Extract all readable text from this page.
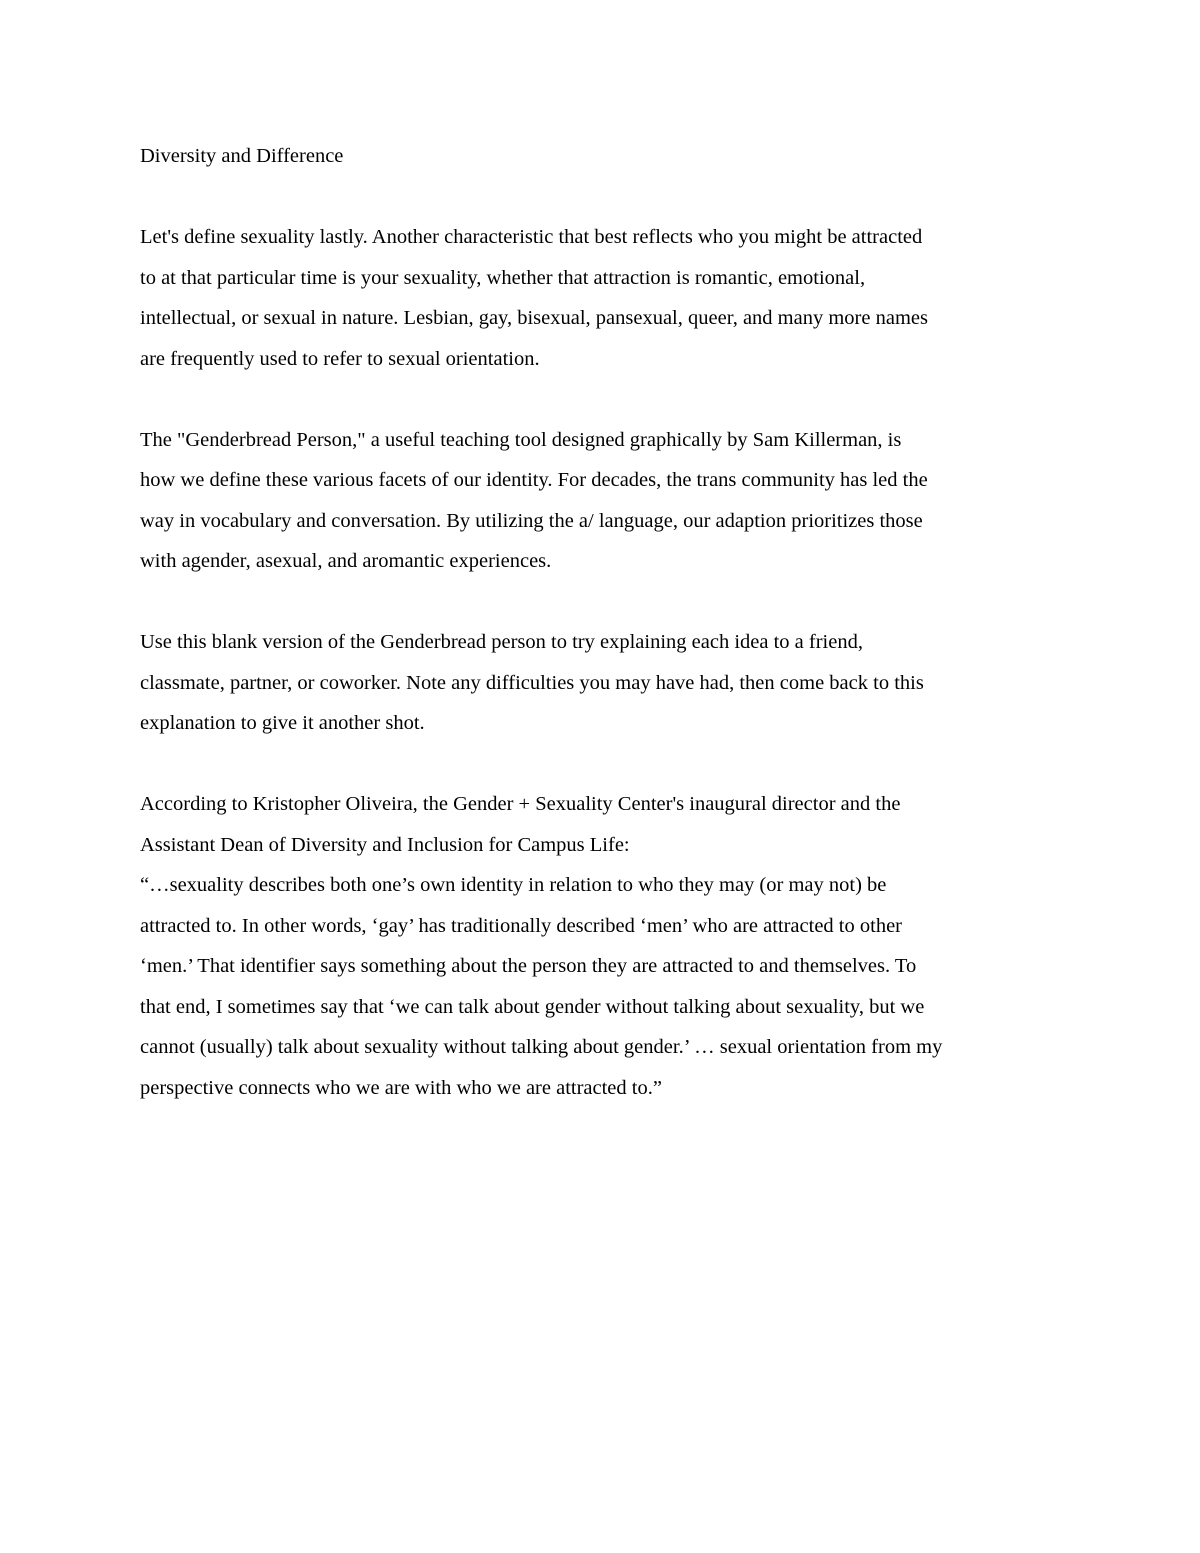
Diversity and Difference

Let's define sexuality lastly. Another characteristic that best reflects who you might be attracted
to at that particular time is your sexuality, whether that attraction is romantic, emotional,
intellectual, or sexual in nature. Lesbian, gay, bisexual, pansexual, queer, and many more names
are frequently used to refer to sexual orientation.

The "Genderbread Person," a useful teaching tool designed graphically by Sam Killerman, is
how we define these various facets of our identity. For decades, the trans community has led the
way in vocabulary and conversation. By utilizing the a/ language, our adaption prioritizes those
with agender, asexual, and aromantic experiences.

Use this blank version of the Genderbread person to try explaining each idea to a friend,
classmate, partner, or coworker. Note any difficulties you may have had, then come back to this
explanation to give it another shot.

According to Kristopher Oliveira, the Gender + Sexuality Center's inaugural director and the
Assistant Dean of Diversity and Inclusion for Campus Life:
“…sexuality describes both one’s own identity in relation to who they may (or may not) be
attracted to. In other words, ‘gay’ has traditionally described ‘men’ who are attracted to other
‘men.’ That identifier says something about the person they are attracted to and themselves. To
that end, I sometimes say that ‘we can talk about gender without talking about sexuality, but we
cannot (usually) talk about sexuality without talking about gender.’ … sexual orientation from my
perspective connects who we are with who we are attracted to.”
